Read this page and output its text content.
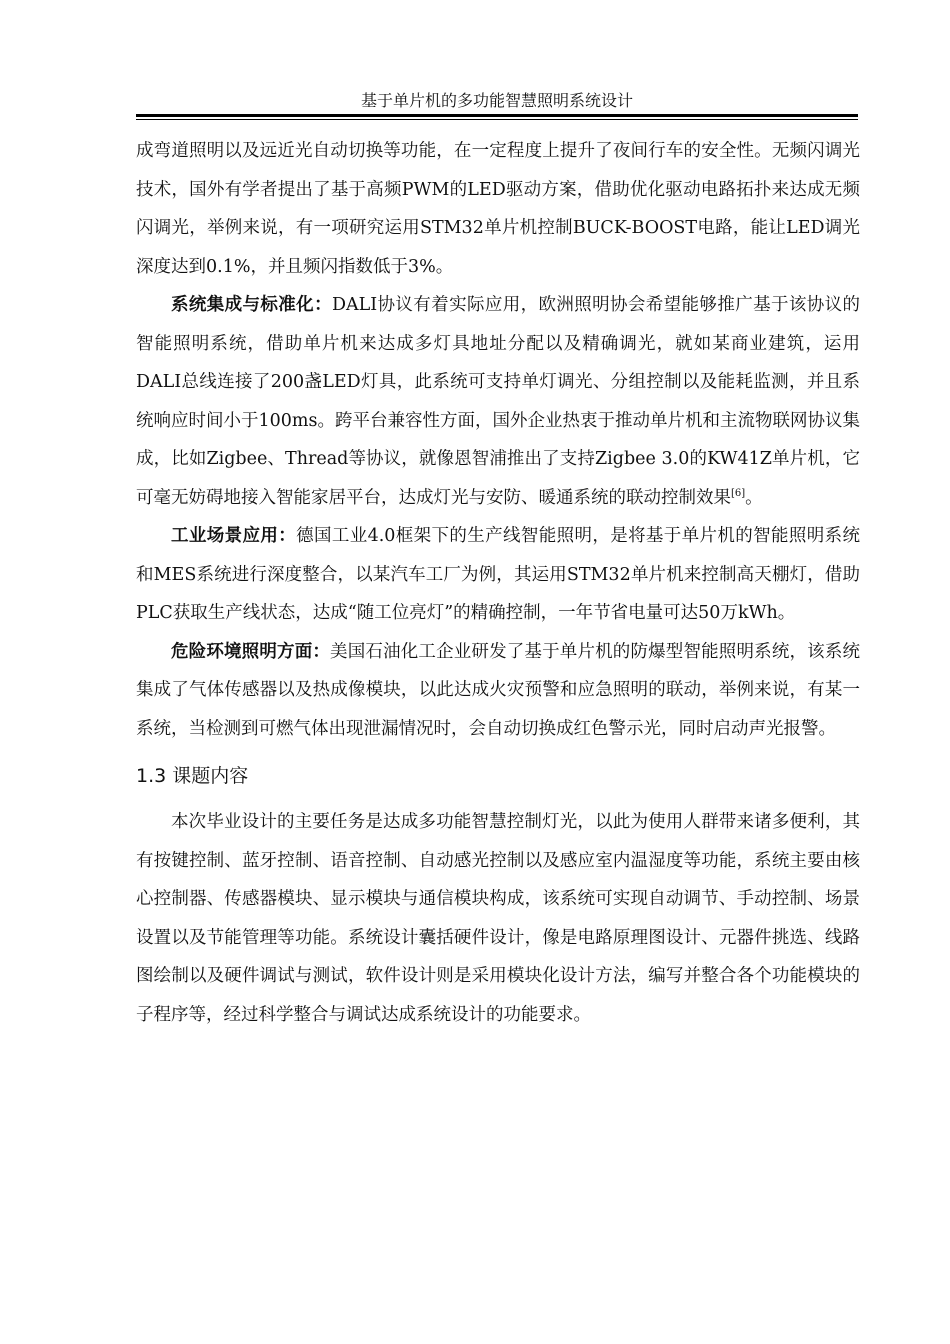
基于单片机的多功能智慧照明系统设计

成弯道照明以及远近光自动切换等功能，在一定程度上提升了夜间行车的安全性。无频闪调光技术，国外有学者提出了基于高频PWM的LED驱动方案，借助优化驱动电路拓扑来达成无频闪调光，举例来说，有一项研究运用STM32单片机控制BUCK-BOOST电路，能让LED调光深度达到0.1%，并且频闪指数低于3%。

系统集成与标准化：DALI协议有着实际应用，欧洲照明协会希望能够推广基于该协议的智能照明系统，借助单片机来达成多灯具地址分配以及精确调光，就如某商业建筑，运用DALI总线连接了200盏LED灯具，此系统可支持单灯调光、分组控制以及能耗监测，并且系统响应时间小于100ms。跨平台兼容性方面，国外企业热衷于推动单片机和主流物联网协议集成，比如Zigbee、Thread等协议，就像恩智浦推出了支持Zigbee 3.0的KW41Z单片机，它可毫无妨碍地接入智能家居平台，达成灯光与安防、暖通系统的联动控制效果[6]。

工业场景应用：德国工业4.0框架下的生产线智能照明，是将基于单片机的智能照明系统和MES系统进行深度整合，以某汽车工厂为例，其运用STM32单片机来控制高天棚灯，借助PLC获取生产线状态，达成“随工位亮灯”的精确控制，一年节省电量可达50万kWh。

危险环境照明方面：美国石油化工企业研发了基于单片机的防爆型智能照明系统，该系统集成了气体传感器以及热成像模块，以此达成火灾预警和应急照明的联动，举例来说，有某一系统，当检测到可燃气体出现泄漏情况时，会自动切换成红色警示光，同时启动声光报警。

1.3 课题内容

本次毕业设计的主要任务是达成多功能智慧控制灯光，以此为使用人群带来诸多便利，其有按键控制、蓝牙控制、语音控制、自动感光控制以及感应室内温湿度等功能，系统主要由核心控制器、传感器模块、显示模块与通信模块构成，该系统可实现自动调节、手动控制、场景设置以及节能管理等功能。系统设计囊括硬件设计，像是电路原理图设计、元器件挑选、线路图绘制以及硬件调试与测试，软件设计则是采用模块化设计方法，编写并整合各个功能模块的子程序等，经过科学整合与调试达成系统设计的功能要求。
